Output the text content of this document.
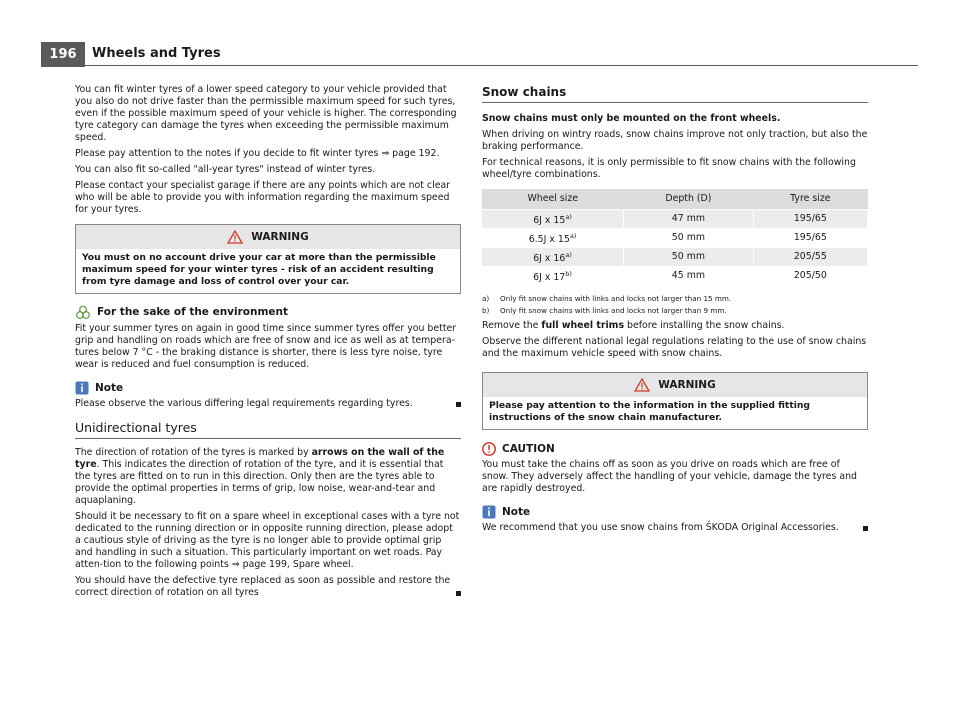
196	Wheels and Tyres

You can fit winter tyres of a lower speed category to your vehicle provided that you also do not drive faster than the permissible maximum speed for such tyres, even if the possible maximum speed of your vehicle is higher. The corresponding tyre category can damage the tyres when exceeding the permissible maximum speed.

Please pay attention to the notes if you decide to fit winter tyres ⇒ page 192.

You can also fit so-called "all-year tyres" instead of winter tyres.

Please contact your specialist garage if there are any points which are not clear who will be able to provide you with information regarding the maximum speed for your tyres.

WARNING
You must on no account drive your car at more than the permissible maximum speed for your winter tyres - risk of an accident resulting from tyre damage and loss of control over your car.
For the sake of the environment

Fit your summer tyres on again in good time since summer tyres offer you better grip and handling on roads which are free of snow and ice as well as at tempera-tures below 7 °C - the braking distance is shorter, there is less tyre noise, tyre wear is reduced and fuel consumption is reduced.

Note

Please observe the various differing legal requirements regarding tyres.

Unidirectional tyres

The direction of rotation of the tyres is marked by arrows on the wall of the tyre. This indicates the direction of rotation of the tyre, and it is essential that the tyres are fitted on to run in this direction. Only then are the tyres able to provide the optimal properties in terms of grip, low noise, wear-and-tear and aquaplaning.

Should it be necessary to fit on a spare wheel in exceptional cases with a tyre not dedicated to the running direction or in opposite running direction, please adopt a cautious style of driving as the tyre is no longer able to provide optimal grip and handling in such a situation. This particularly important on wet roads. Pay atten-tion to the following points ⇒ page 199, Spare wheel.

You should have the defective tyre replaced as soon as possible and restore the correct direction of rotation on all tyres

Snow chains

Snow chains must only be mounted on the front wheels.

When driving on wintry roads, snow chains improve not only traction, but also the braking performance.

For technical reasons, it is only permissible to fit snow chains with the following wheel/tyre combinations.

Wheel size	Depth (D)	Tyre size
6J x 15$^{a)}$	47 mm	195/65
6.5J x 15$^{a)}$	50 mm	195/65
6J x 16$^{a)}$	50 mm	205/55
6J x 17$^{b)}$	45 mm	205/50
a) Only fit snow chains with links and locks not larger than 15 mm.
b) Only fit snow chains with links and locks not larger than 9 mm.

Remove the full wheel trims before installing the snow chains.

Observe the different national legal regulations relating to the use of snow chains and the maximum vehicle speed with snow chains.

WARNING
Please pay attention to the information in the supplied fitting instructions of the snow chain manufacturer.
CAUTION

You must take the chains off as soon as you drive on roads which are free of snow. They adversely affect the handling of your vehicle, damage the tyres and are rapidly destroyed.

Note

We recommend that you use snow chains from ŠKODA Original Accessories.
